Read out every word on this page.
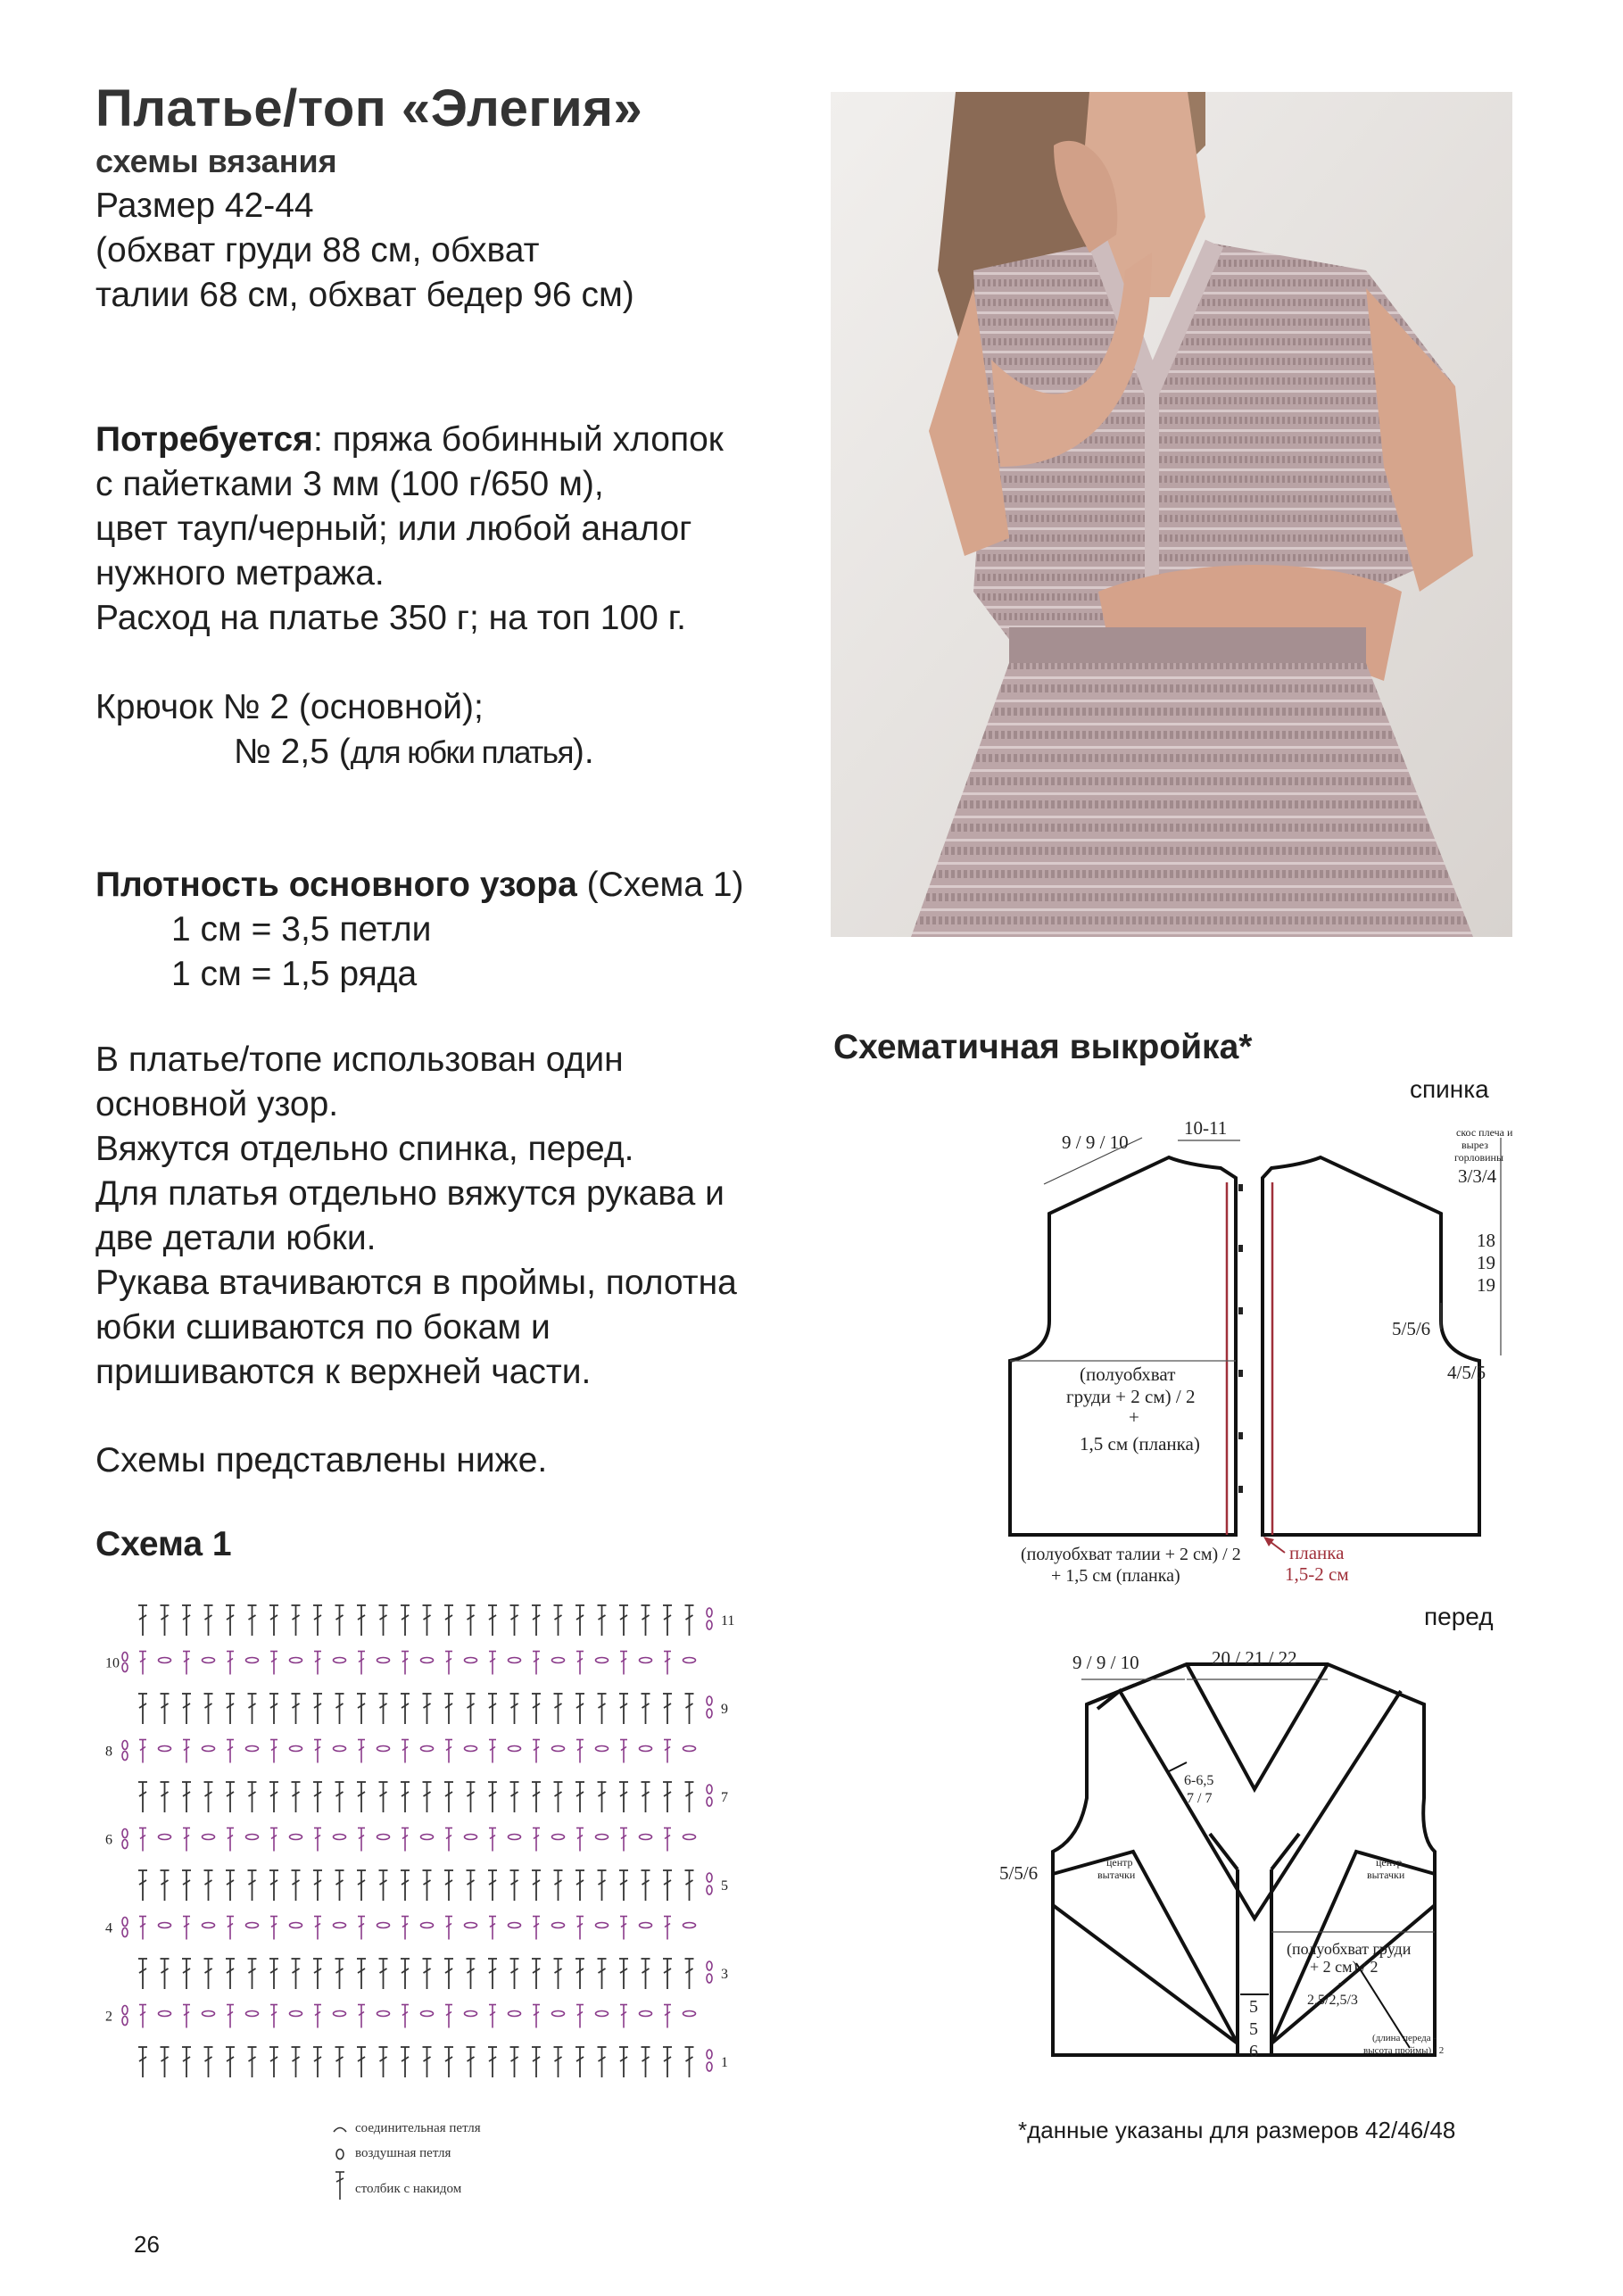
Платье/топ «Элегия»
схемы вязания
Размер 42-44
(обхват груди 88 см, обхват
талии 68 см, обхват бедер 96 см)
Потребуется: пряжа бобинный хлопок
с пайетками 3 мм (100 г/650 м),
цвет тауп/черный; или любой аналог
нужного метража.
Расход на платье 350 г; на топ 100 г.
Крючок № 2 (основной);
№ 2,5 (для юбки платья).
Плотность основного узора (Схема 1)
1 см = 3,5 петли
1 см = 1,5 ряда
В платье/топе использован один
основной узор.
Вяжутся отдельно спинка, перед.
Для платья отдельно вяжутся рукава и
две детали юбки.
Рукава втачиваются в проймы, полотна
юбки сшиваются по бокам и
пришиваются к верхней части.
Схемы представлены ниже.
Схема 1
11
9
7
5
3
1
10
8
6
4
2
соединительная петля
воздушная петля
столбик с накидом
Схематичная выкройка*
спинка
перед
9 / 9 / 10
10-11	скос плеча и
вырез
горловины
3/3/4
18
19
19
5/5/6
4/5/5
(полуобхват
груди + 2 см) / 2
+
1,5 см (планка)
(полуобхват талии + 2 см) / 2
+ 1,5 см (планка)
планка
1,5-2 см
9 / 9 / 10	20 / 21 / 22
6-6,5
7 / 7
5/5/6	центр
вытачки
центр
вытачки
(полуобхват груди
+ 2 см) / 2
-
2,5/2,5/3
5
5
6
(длина переда -
высота проймы) / 2
*данные указаны для размеров 42/46/48
26
